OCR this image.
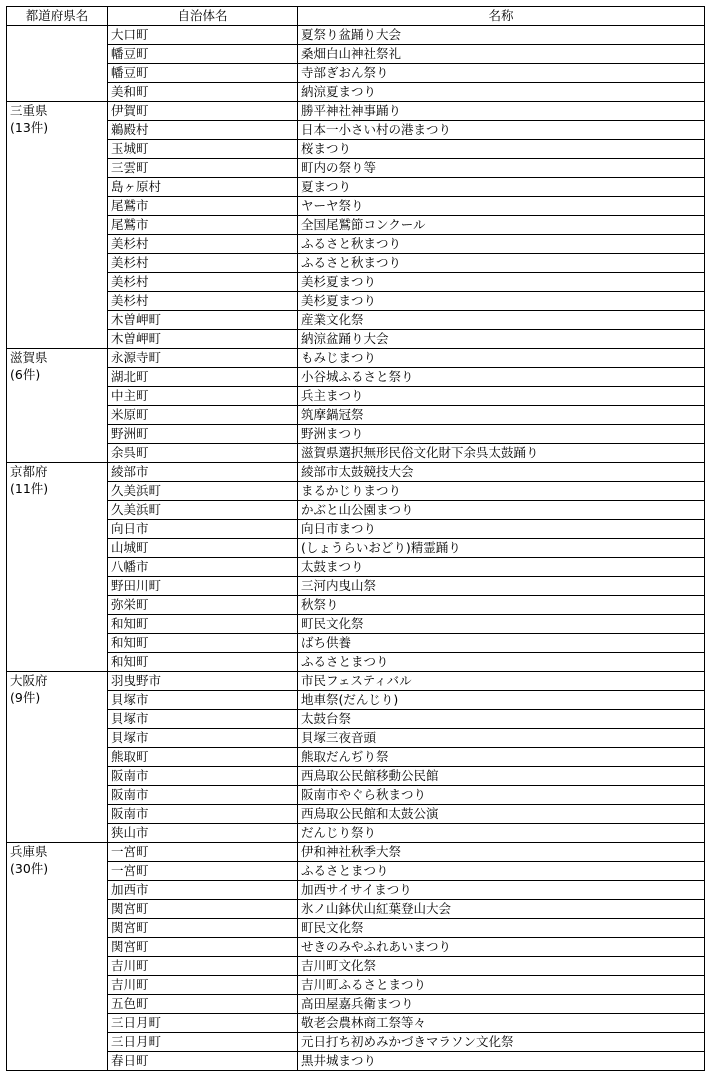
都道府県名	自治体名	名称

	大口町	夏祭り盆踊り大会
	幡豆町	桑畑白山神社祭礼
	幡豆町	寺部ぎおん祭り
	美和町	納涼夏まつり

三重県
(13件)	伊賀町	勝平神社神事踊り
	鵜殿村	日本一小さい村の港まつり
	玉城町	桜まつり
	三雲町	町内の祭り等
	島ヶ原村	夏まつり
	尾鷲市	ヤーヤ祭り
	尾鷲市	全国尾鷲節コンクール
	美杉村	ふるさと秋まつり
	美杉村	ふるさと秋まつり
	美杉村	美杉夏まつり
	美杉村	美杉夏まつり
	木曽岬町	産業文化祭
	木曽岬町	納涼盆踊り大会

滋賀県
(6件)	永源寺町	もみじまつり
	湖北町	小谷城ふるさと祭り
	中主町	兵主まつり
	米原町	筑摩鍋冠祭
	野洲町	野洲まつり
	余呉町	滋賀県選択無形民俗文化財下余呉太鼓踊り

京都府
(11件)	綾部市	綾部市太鼓競技大会
	久美浜町	まるかじりまつり
	久美浜町	かぶと山公園まつり
	向日市	向日市まつり
	山城町	(しょうらいおどり)精霊踊り
	八幡市	太鼓まつり
	野田川町	三河内曳山祭
	弥栄町	秋祭り
	和知町	町民文化祭
	和知町	ばち供養
	和知町	ふるさとまつり

大阪府
(9件)	羽曳野市	市民フェスティバル
	貝塚市	地車祭(だんじり)
	貝塚市	太鼓台祭
	貝塚市	貝塚三夜音頭
	熊取町	熊取だんぢり祭
	阪南市	西鳥取公民館移動公民館
	阪南市	阪南市やぐら秋まつり
	阪南市	西鳥取公民館和太鼓公演
	狭山市	だんじり祭り

兵庫県
(30件)	一宮町	伊和神社秋季大祭
	一宮町	ふるさとまつり
	加西市	加西サイサイまつり
	関宮町	氷ノ山鉢伏山紅葉登山大会
	関宮町	町民文化祭
	関宮町	せきのみやふれあいまつり
	吉川町	吉川町文化祭
	吉川町	吉川町ふるさとまつり
	五色町	高田屋嘉兵衛まつり
	三日月町	敬老会農林商工祭等々
	三日月町	元日打ち初めみかづきマラソン文化祭
	春日町	黒井城まつり
